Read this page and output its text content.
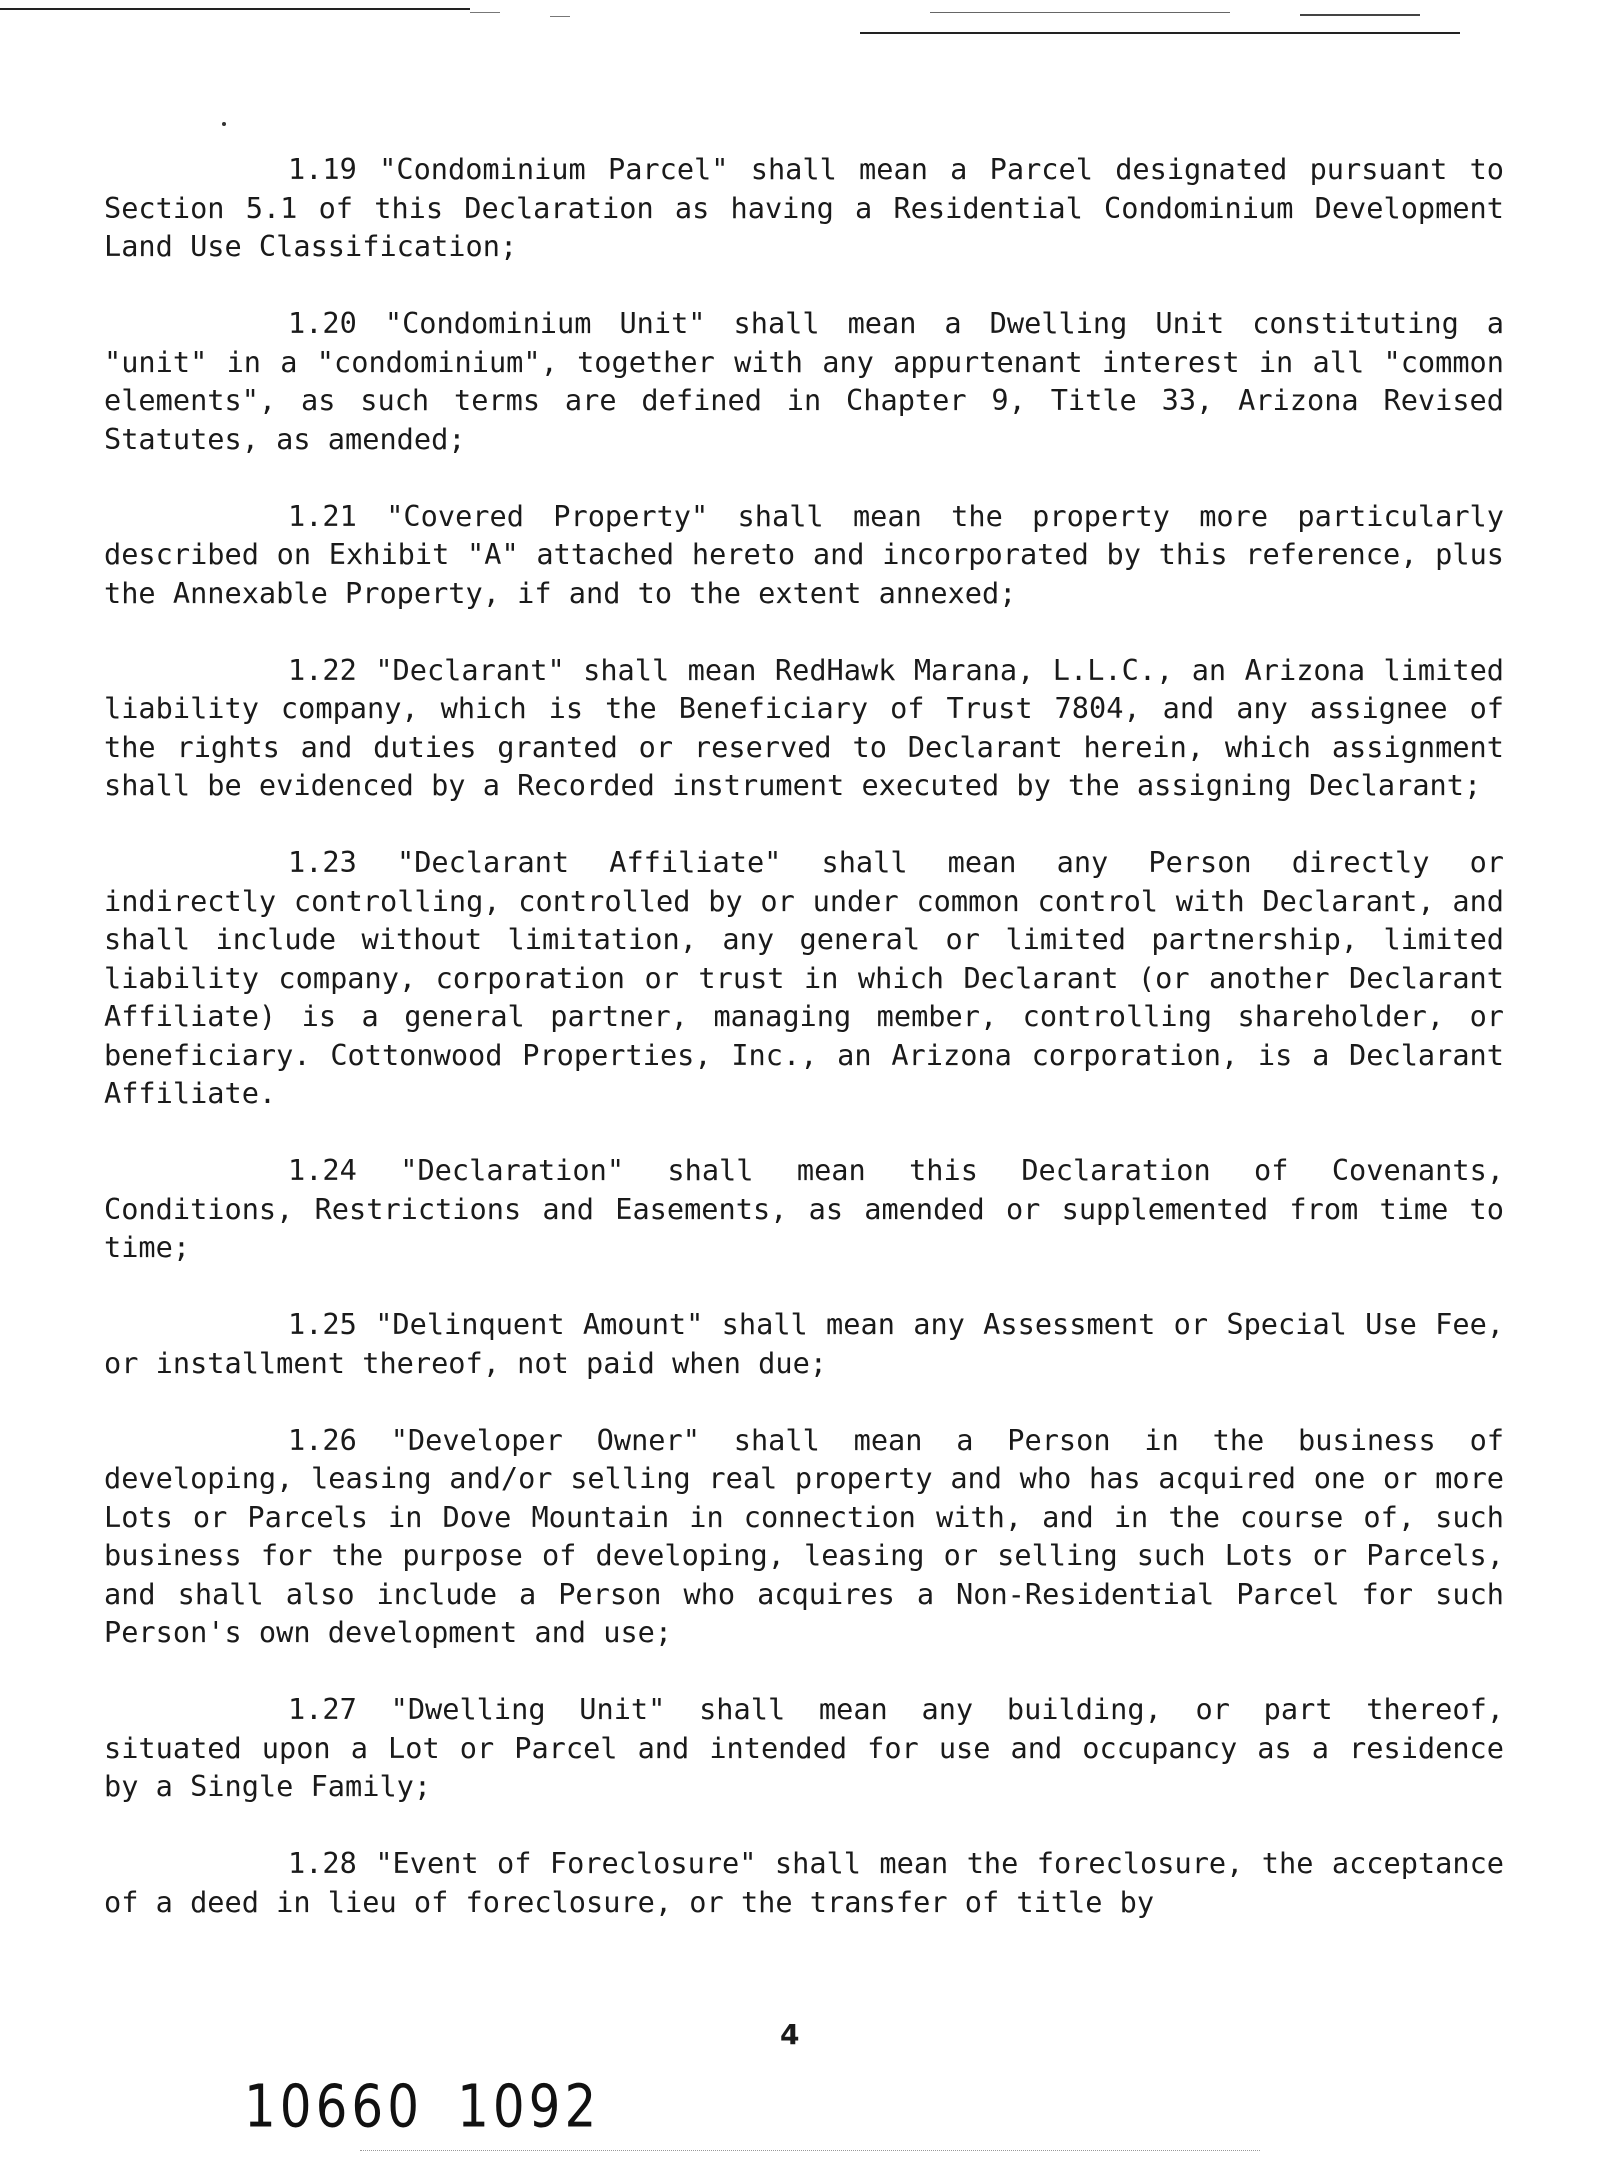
1.19 "Condominium Parcel" shall mean a Parcel designated pursuant to Section 5.1 of this Declaration as having a Residential Condominium Development Land Use Classification;

1.20 "Condominium Unit" shall mean a Dwelling Unit constituting a "unit" in a "condominium", together with any appurtenant interest in all "common elements", as such terms are defined in Chapter 9, Title 33, Arizona Revised Statutes, as amended;

1.21 "Covered Property" shall mean the property more particularly described on Exhibit "A" attached hereto and incorporated by this reference, plus the Annexable Property, if and to the extent annexed;

1.22 "Declarant" shall mean RedHawk Marana, L.L.C., an Arizona limited liability company, which is the Beneficiary of Trust 7804, and any assignee of the rights and duties granted or reserved to Declarant herein, which assignment shall be evidenced by a Recorded instrument executed by the assigning Declarant;

1.23 "Declarant Affiliate" shall mean any Person directly or indirectly controlling, controlled by or under common control with Declarant, and shall include without limitation, any general or limited partnership, limited liability company, corporation or trust in which Declarant (or another Declarant Affiliate) is a general partner, managing member, controlling shareholder, or beneficiary. Cottonwood Properties, Inc., an Arizona corporation, is a Declarant Affiliate.

1.24 "Declaration" shall mean this Declaration of Covenants, Conditions, Restrictions and Easements, as amended or supplemented from time to time;

1.25 "Delinquent Amount" shall mean any Assessment or Special Use Fee, or installment thereof, not paid when due;

1.26 "Developer Owner" shall mean a Person in the business of developing, leasing and/or selling real property and who has acquired one or more Lots or Parcels in Dove Mountain in connection with, and in the course of, such business for the purpose of developing, leasing or selling such Lots or Parcels, and shall also include a Person who acquires a Non-Residential Parcel for such Person's own development and use;

1.27 "Dwelling Unit" shall mean any building, or part thereof, situated upon a Lot or Parcel and intended for use and occupancy as a residence by a Single Family;

1.28 "Event of Foreclosure" shall mean the foreclosure, the acceptance of a deed in lieu of foreclosure, or the transfer of title by

4
10660 1092
